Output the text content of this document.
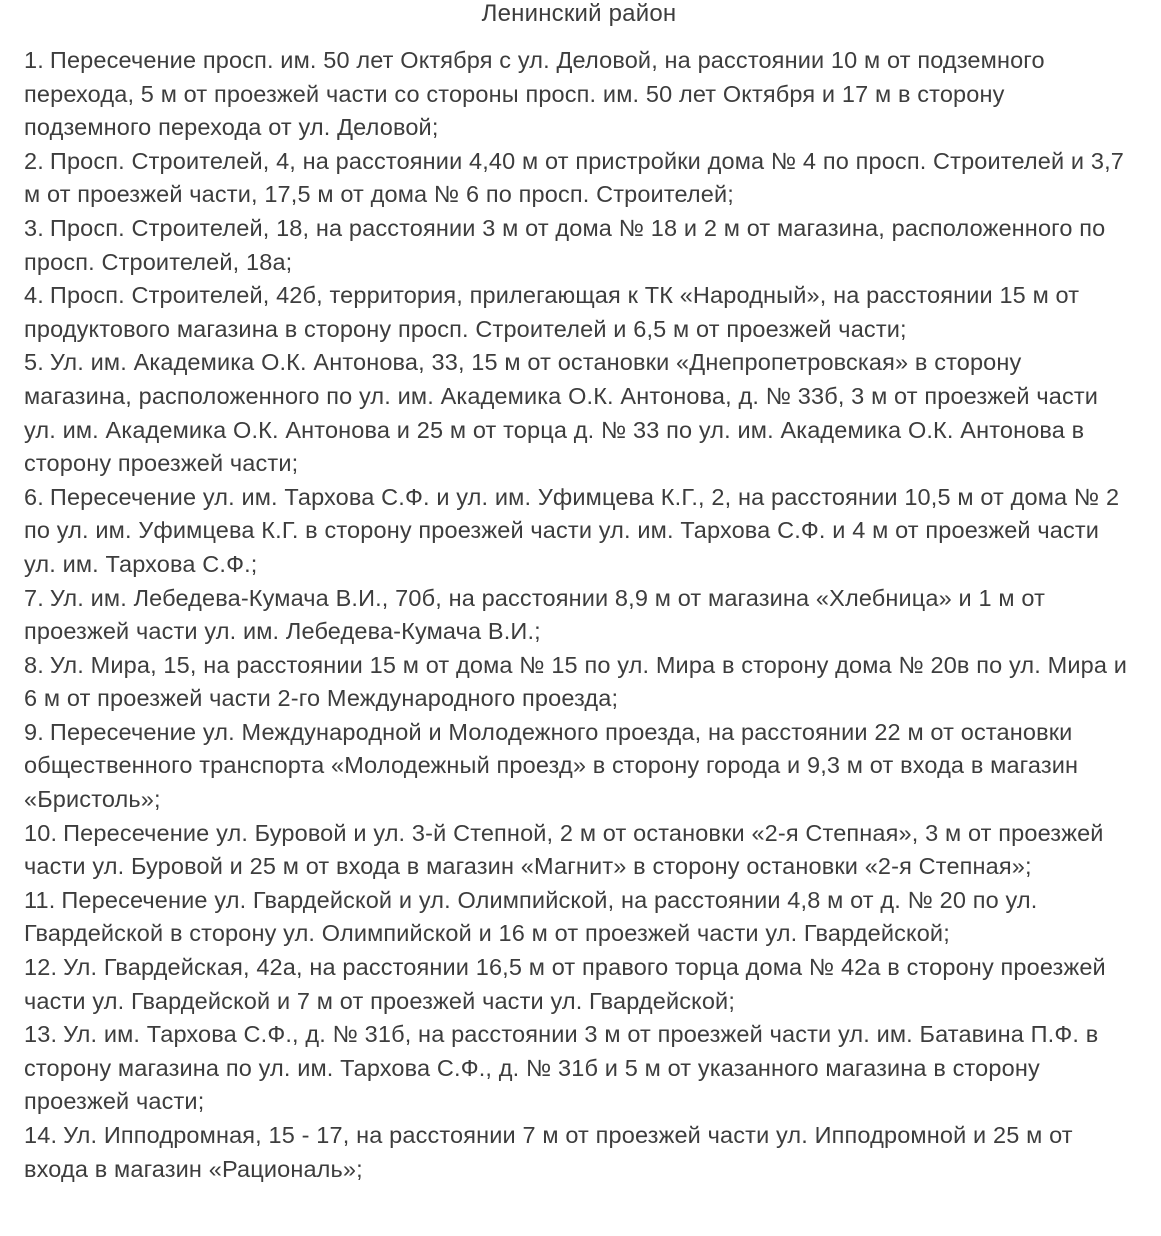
Ленинский район
1. Пересечение просп. им. 50 лет Октября с ул. Деловой, на расстоянии 10 м от подземного перехода, 5 м от проезжей части со стороны просп. им. 50 лет Октября и 17 м в сторону подземного перехода от ул. Деловой;
2. Просп. Строителей, 4, на расстоянии 4,40 м от пристройки дома № 4 по просп. Строителей и 3,7 м от проезжей части, 17,5 м от дома № 6 по просп. Строителей;
3. Просп. Строителей, 18, на расстоянии 3 м от дома № 18 и 2 м от магазина, расположенного по просп. Строителей, 18а;
4. Просп. Строителей, 42б, территория, прилегающая к ТК «Народный», на расстоянии 15 м от продуктового магазина в сторону просп. Строителей и 6,5 м от проезжей части;
5. Ул. им. Академика О.К. Антонова, 33, 15 м от остановки «Днепропетровская» в сторону магазина, расположенного по ул. им. Академика О.К. Антонова, д. № 33б, 3 м от проезжей части ул. им. Академика О.К. Антонова и 25 м от торца д. № 33 по ул. им. Академика О.К. Антонова в сторону проезжей части;
6. Пересечение ул. им. Тархова С.Ф. и ул. им. Уфимцева К.Г., 2, на расстоянии 10,5 м от дома № 2 по ул. им. Уфимцева К.Г. в сторону проезжей части ул. им. Тархова С.Ф. и 4 м от проезжей части ул. им. Тархова С.Ф.;
7. Ул. им. Лебедева-Кумача В.И., 70б, на расстоянии 8,9 м от магазина «Хлебница» и 1 м от проезжей части ул. им. Лебедева-Кумача В.И.;
8. Ул. Мира, 15, на расстоянии 15 м от дома № 15 по ул. Мира в сторону дома № 20в по ул. Мира и 6 м от проезжей части 2-го Международного проезда;
9. Пересечение ул. Международной и Молодежного проезда, на расстоянии 22 м от остановки общественного транспорта «Молодежный проезд» в сторону города и 9,3 м от входа в магазин «Бристоль»;
10. Пересечение ул. Буровой и ул. 3-й Степной, 2 м от остановки «2-я Степная», 3 м от проезжей части ул. Буровой и 25 м от входа в магазин «Магнит» в сторону остановки «2-я Степная»;
11. Пересечение ул. Гвардейской и ул. Олимпийской, на расстоянии 4,8 м от д. № 20 по ул. Гвардейской в сторону ул. Олимпийской и 16 м от проезжей части ул. Гвардейской;
12. Ул. Гвардейская, 42а, на расстоянии 16,5 м от правого торца дома № 42а в сторону проезжей части ул. Гвардейской и 7 м от проезжей части ул. Гвардейской;
13. Ул. им. Тархова С.Ф., д. № 31б, на расстоянии 3 м от проезжей части ул. им. Батавина П.Ф. в сторону магазина по ул. им. Тархова С.Ф., д. № 31б и 5 м от указанного магазина в сторону проезжей части;
14. Ул. Ипподромная, 15 - 17, на расстоянии 7 м от проезжей части ул. Ипподромной и 25 м от входа в магазин «Рациональ»;
